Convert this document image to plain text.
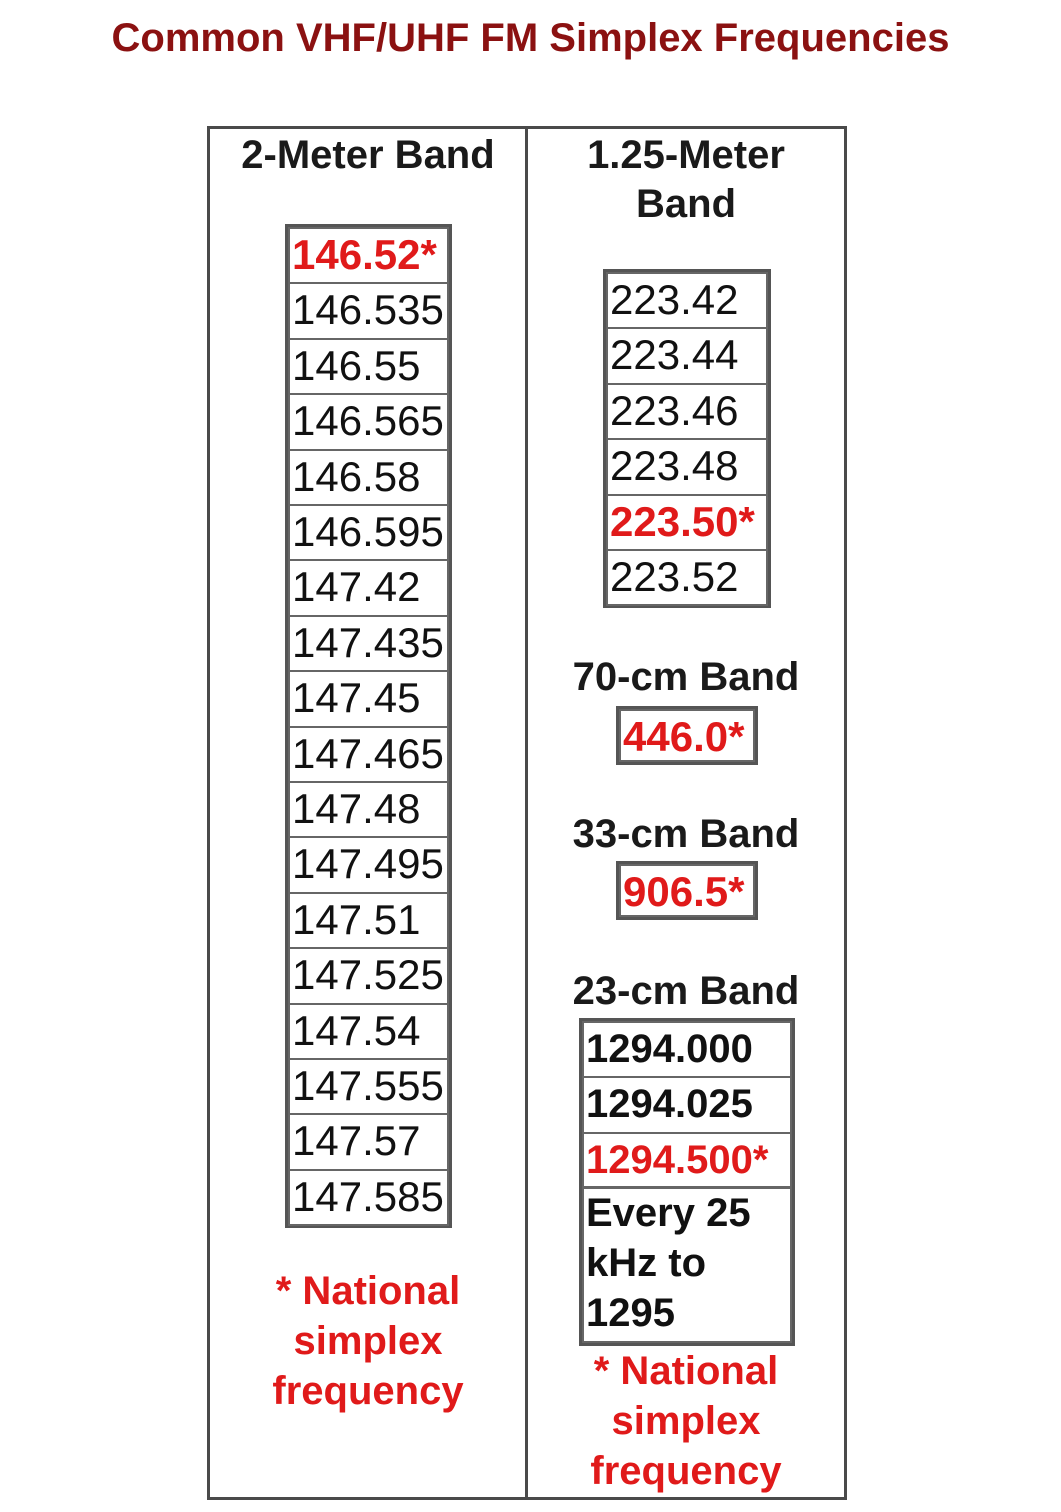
Common VHF/UHF FM Simplex Frequencies
2-Meter Band
146.52*
146.535
146.55
146.565
146.58
146.595
147.42
147.435
147.45
147.465
147.48
147.495
147.51
147.525
147.54
147.555
147.57
147.585
* National
simplex
frequency
1.25-Meter
Band
223.42
223.44
223.46
223.48
223.50*
223.52
70-cm Band
446.0*
33-cm Band
906.5*
23-cm Band
Every 25
kHz to
1295
1294.000
1294.025
1294.500*
* National
simplex
frequency
